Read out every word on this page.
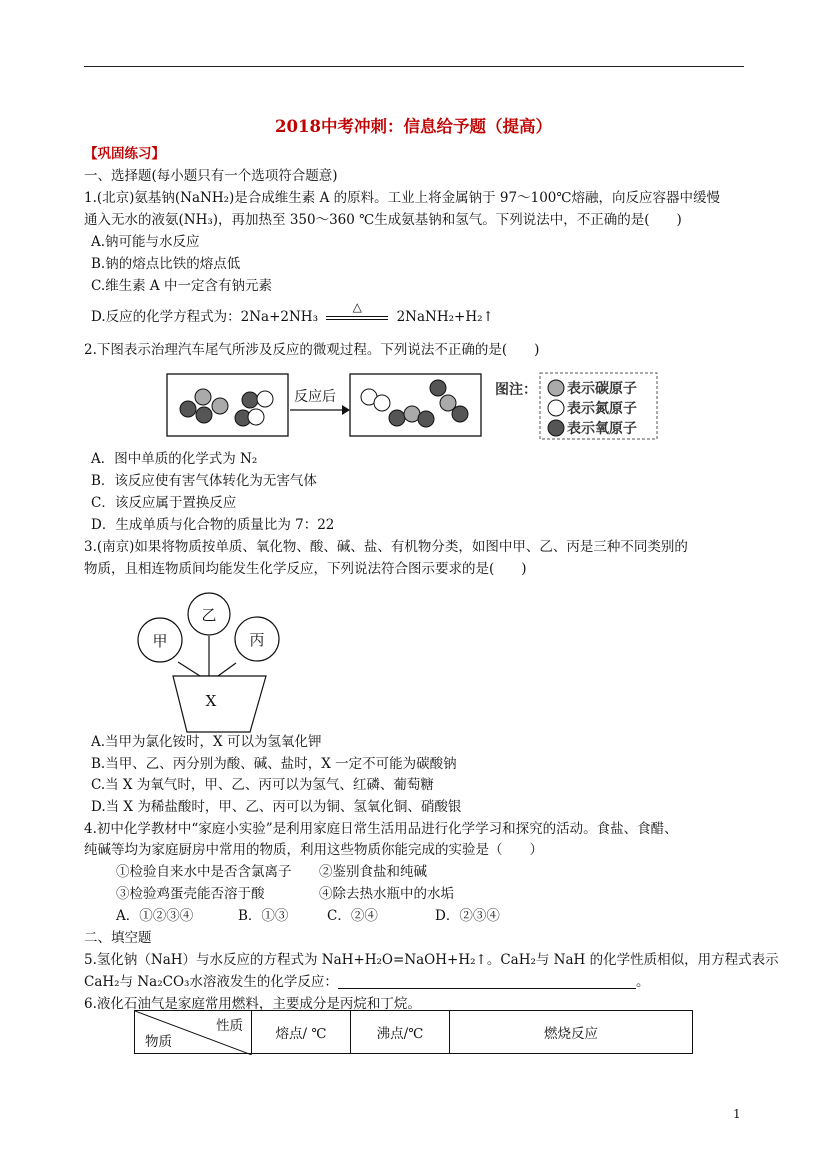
2018中考冲刺：信息给予题（提高）
【巩固练习】
一、选择题(每小题只有一个选项符合题意)
1.(北京)氨基钠(NaNH₂)是合成维生素 A 的原料。工业上将金属钠于 97～100℃熔融，向反应容器中缓慢
通入无水的液氨(NH₃)，再加热至 350～360 ℃生成氨基钠和氢气。下列说法中，不正确的是(　　)
A.钠可能与水反应
B.钠的熔点比铁的熔点低
C.维生素 A 中一定含有钠元素
D.反应的化学方程式为：2Na+2NH₃
△
2NaNH₂+H₂↑
2.下图表示治理汽车尾气所涉及反应的微观过程。下列说法不正确的是(　　)
反应后	图注： 表示碳原子
表示氮原子
表示氧原子
A．图中单质的化学式为 N₂
B．该反应使有害气体转化为无害气体
C．该反应属于置换反应
D．生成单质与化合物的质量比为 7：22
3.(南京)如果将物质按单质、氧化物、酸、碱、盐、有机物分类，如图中甲、乙、丙是三种不同类别的
物质，且相连物质间均能发生化学反应，下列说法符合图示要求的是(　　)
甲
乙
丙
X
A.当甲为氯化铵时，X 可以为氢氧化钾
B.当甲、乙、丙分别为酸、碱、盐时，X 一定不可能为碳酸钠
C.当 X 为氧气时，甲、乙、丙可以为氢气、红磷、葡萄糖
D.当 X 为稀盐酸时，甲、乙、丙可以为铜、氢氧化铜、硝酸银
4.初中化学教材中“家庭小实验”是利用家庭日常生活用品进行化学学习和探究的活动。食盐、食醋、
纯碱等均为家庭厨房中常用的物质，利用这些物质你能完成的实验是（　　）
①检验自来水中是否含氯离子 ②鉴别食盐和纯碱
③检验鸡蛋壳能否溶于酸	④除去热水瓶中的水垢
A．①②③④	B．①③	C．②④	D．②③④
二、填空题
5.氢化钠（NaH）与水反应的方程式为 NaH+H₂O=NaOH+H₂↑。CaH₂与 NaH 的化学性质相似，用方程式表示
CaH₂与 Na₂CO₃水溶液发生的化学反应：	。
6.液化石油气是家庭常用燃料，主要成分是丙烷和丁烷。
性质
物质	熔点/ ℃	沸点/℃	燃烧反应
1
